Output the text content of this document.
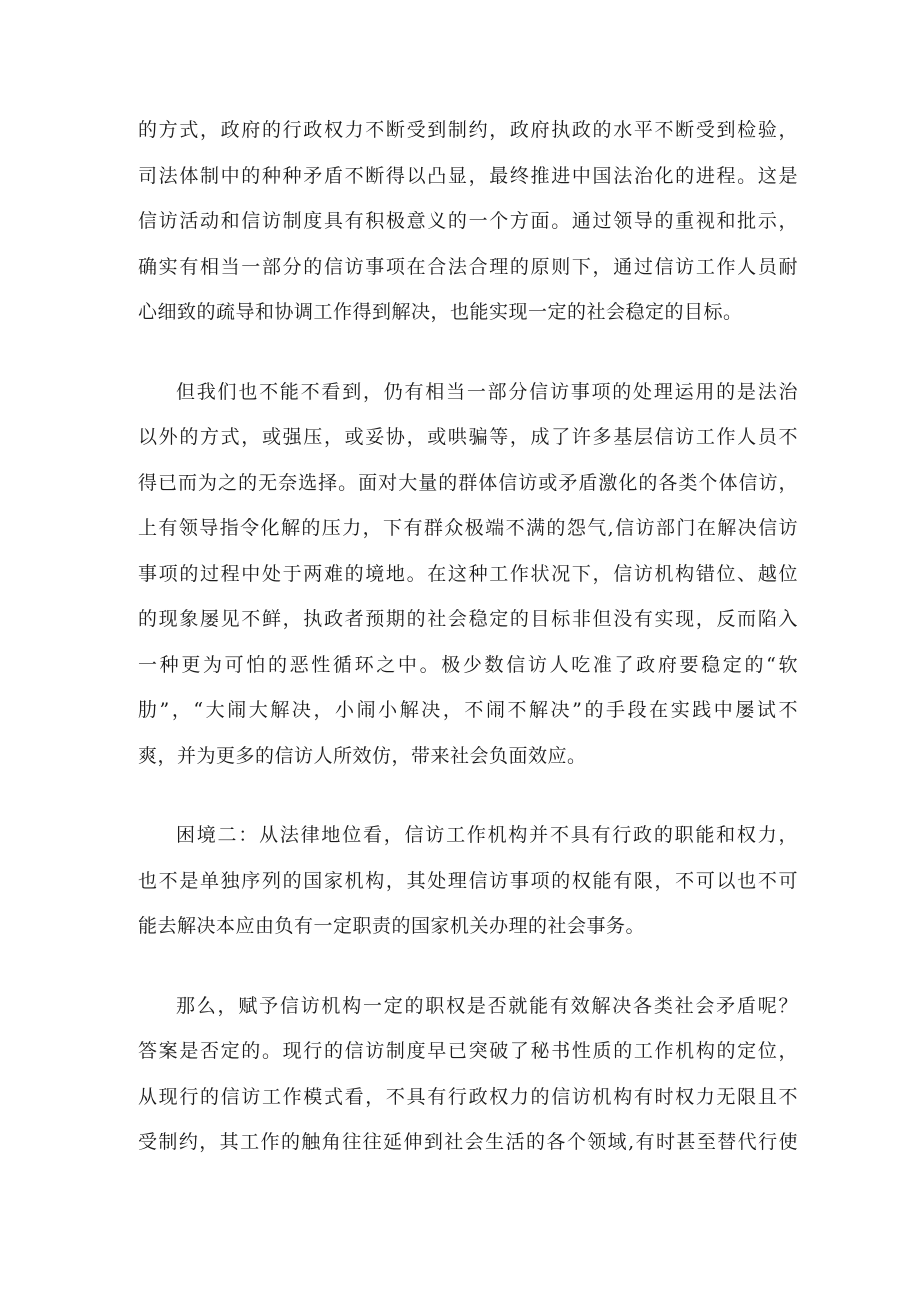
的方式，政府的行政权力不断受到制约，政府执政的水平不断受到检验，
司法体制中的种种矛盾不断得以凸显，最终推进中国法治化的进程。这是
信访活动和信访制度具有积极意义的一个方面。通过领导的重视和批示，
确实有相当一部分的信访事项在合法合理的原则下，通过信访工作人员耐
心细致的疏导和协调工作得到解决，也能实现一定的社会稳定的目标。
但我们也不能不看到，仍有相当一部分信访事项的处理运用的是法治
以外的方式，或强压，或妥协，或哄骗等，成了许多基层信访工作人员不
得已而为之的无奈选择。面对大量的群体信访或矛盾激化的各类个体信访，
上有领导指令化解的压力，下有群众极端不满的怨气,信访部门在解决信访
事项的过程中处于两难的境地。在这种工作状况下，信访机构错位、越位
的现象屡见不鲜，执政者预期的社会稳定的目标非但没有实现，反而陷入
一种更为可怕的恶性循环之中。极少数信访人吃准了政府要稳定的“软
肋”，“大闹大解决，小闹小解决，不闹不解决”的手段在实践中屡试不
爽，并为更多的信访人所效仿，带来社会负面效应。
困境二：从法律地位看，信访工作机构并不具有行政的职能和权力，
也不是单独序列的国家机构，其处理信访事项的权能有限，不可以也不可
能去解决本应由负有一定职责的国家机关办理的社会事务。
那么，赋予信访机构一定的职权是否就能有效解决各类社会矛盾呢？
答案是否定的。现行的信访制度早已突破了秘书性质的工作机构的定位，
从现行的信访工作模式看，不具有行政权力的信访机构有时权力无限且不
受制约，其工作的触角往往延伸到社会生活的各个领域,有时甚至替代行使
